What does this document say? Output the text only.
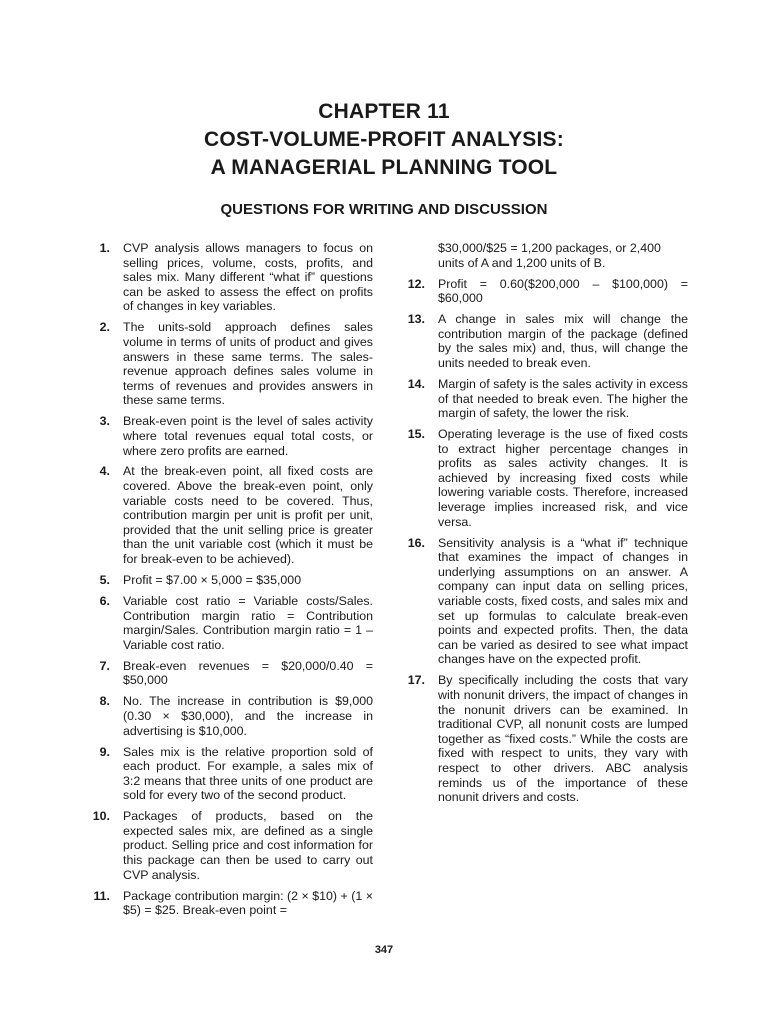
CHAPTER 11
COST-VOLUME-PROFIT ANALYSIS:
A MANAGERIAL PLANNING TOOL
QUESTIONS FOR WRITING AND DISCUSSION
1. CVP analysis allows managers to focus on selling prices, volume, costs, profits, and sales mix. Many different “what if” questions can be asked to assess the effect on profits of changes in key variables.
2. The units-sold approach defines sales volume in terms of units of product and gives answers in these same terms. The sales-revenue approach defines sales volume in terms of revenues and provides answers in these same terms.
3. Break-even point is the level of sales activity where total revenues equal total costs, or where zero profits are earned.
4. At the break-even point, all fixed costs are covered. Above the break-even point, only variable costs need to be covered. Thus, contribution margin per unit is profit per unit, provided that the unit selling price is greater than the unit variable cost (which it must be for break-even to be achieved).
5. Profit = $7.00 × 5,000 = $35,000
6. Variable cost ratio = Variable costs/Sales. Contribution margin ratio = Contribution margin/Sales. Contribution margin ratio = 1 – Variable cost ratio.
7. Break-even revenues = $20,000/0.40 = $50,000
8. No. The increase in contribution is $9,000 (0.30 × $30,000), and the increase in advertising is $10,000.
9. Sales mix is the relative proportion sold of each product. For example, a sales mix of 3:2 means that three units of one product are sold for every two of the second product.
10. Packages of products, based on the expected sales mix, are defined as a single product. Selling price and cost information for this package can then be used to carry out CVP analysis.
11. Package contribution margin: (2 × $10) + (1 × $5) = $25. Break-even point =
$30,000/$25 = 1,200 packages, or 2,400 units of A and 1,200 units of B.
12. Profit = 0.60($200,000 – $100,000) = $60,000
13. A change in sales mix will change the contribution margin of the package (defined by the sales mix) and, thus, will change the units needed to break even.
14. Margin of safety is the sales activity in excess of that needed to break even. The higher the margin of safety, the lower the risk.
15. Operating leverage is the use of fixed costs to extract higher percentage changes in profits as sales activity changes. It is achieved by increasing fixed costs while lowering variable costs. Therefore, increased leverage implies increased risk, and vice versa.
16. Sensitivity analysis is a “what if” technique that examines the impact of changes in underlying assumptions on an answer. A company can input data on selling prices, variable costs, fixed costs, and sales mix and set up formulas to calculate break-even points and expected profits. Then, the data can be varied as desired to see what impact changes have on the expected profit.
17. By specifically including the costs that vary with nonunit drivers, the impact of changes in the nonunit drivers can be examined. In traditional CVP, all nonunit costs are lumped together as “fixed costs.” While the costs are fixed with respect to units, they vary with respect to other drivers. ABC analysis reminds us of the importance of these nonunit drivers and costs.
347
